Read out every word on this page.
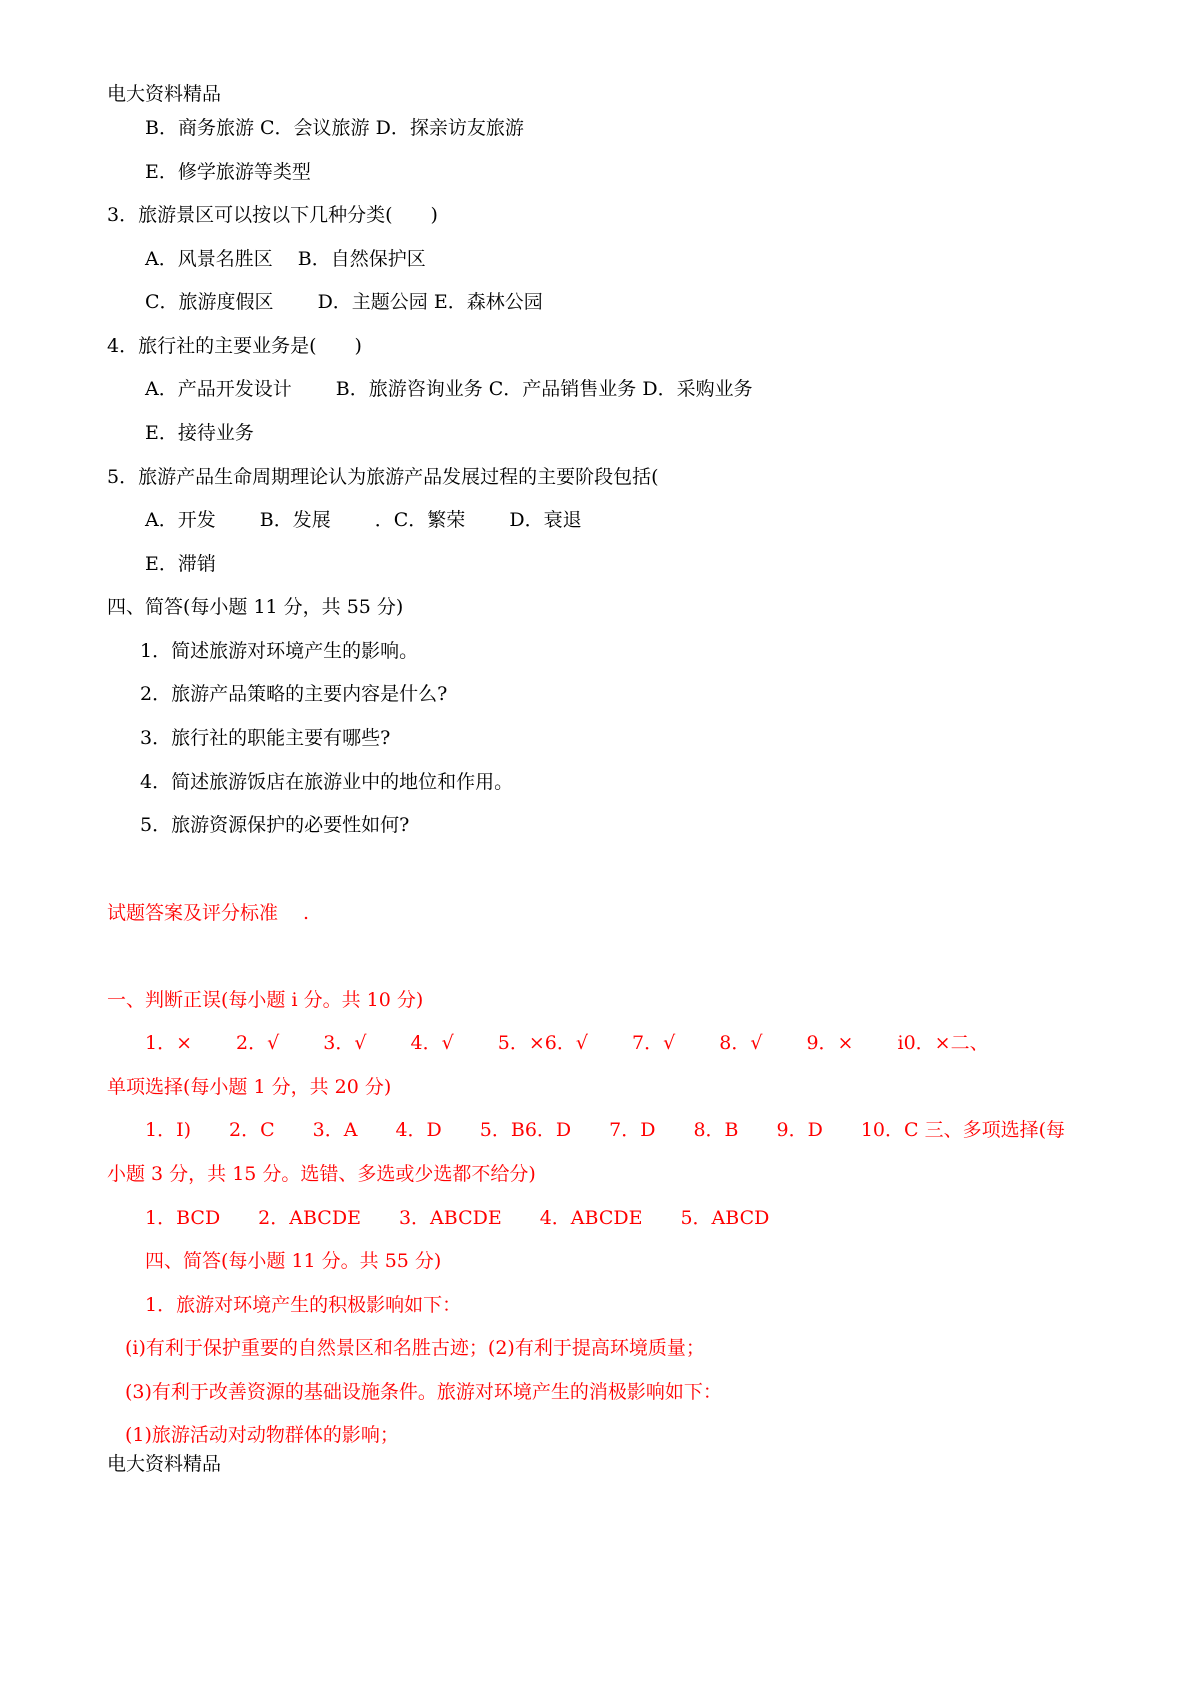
电大资料精品

B．商务旅游 C．会议旅游 D．探亲访友旅游

E．修学旅游等类型

3．旅游景区可以按以下几种分类(　　)

A．风景名胜区　 B．自然保护区

C．旅游度假区　　 D．主题公园 E．森林公园

4．旅行社的主要业务是(　　)

A．产品开发设计　　 B．旅游咨询业务 C．产品销售业务 D．采购业务

E．接待业务

5．旅游产品生命周期理论认为旅游产品发展过程的主要阶段包括(

A．开发　　 B．发展　　 ．C．繁荣　　 D．衰退

E．滞销

四、简答(每小题 11 分，共 55 分)

1．简述旅游对环境产生的影响。

2．旅游产品策略的主要内容是什么?

3．旅行社的职能主要有哪些?

4．简述旅游饭店在旅游业中的地位和作用。

5．旅游资源保护的必要性如何?

试题答案及评分标准　 .

一、判断正误(每小题 i 分。共 10 分)

1．×　　 2．√　　 3．√　　 4．√　　 5．×6．√　　 7．√　　 8．√　　 9．×　　 i0．×二、

单项选择(每小题 1 分，共 20 分)

1．I)　　2．C　　3．A　　4．D　　5．B6．D　　7．D　　8．B　　9．D　　10．C 三、多项选择(每

小题 3 分，共 15 分。选错、多选或少选都不给分)

1．BCD　　2．ABCDE　　3．ABCDE　　4．ABCDE　　5．ABCD

四、简答(每小题 11 分。共 55 分)

1．旅游对环境产生的积极影响如下：

(i)有利于保护重要的自然景区和名胜古迹；(2)有利于提高环境质量；

(3)有利于改善资源的基础设施条件。旅游对环境产生的消极影响如下：

(1)旅游活动对动物群体的影响；

电大资料精品
